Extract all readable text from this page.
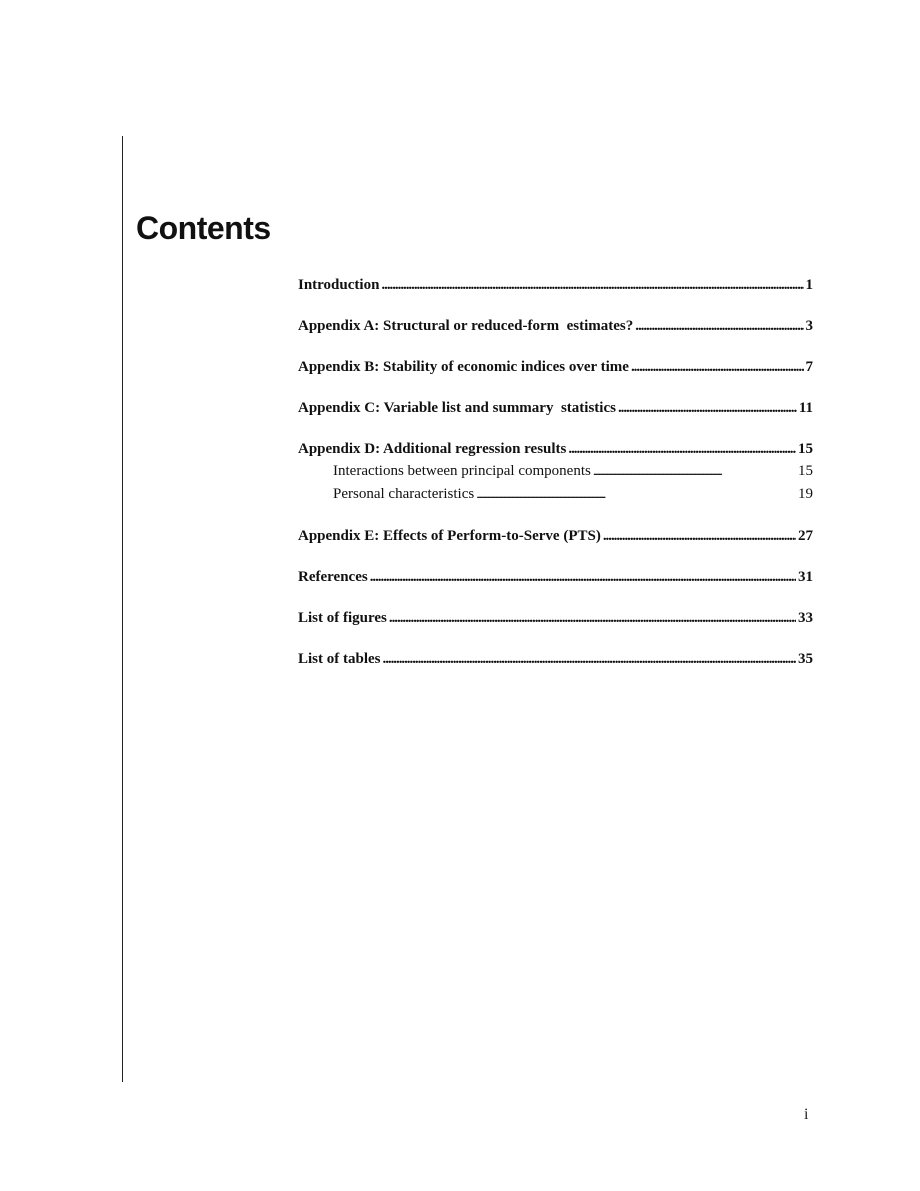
Contents
Introduction . . .	1
Appendix A: Structural or reduced-form  estimates? . . .	3
Appendix B: Stability of economic indices over time . . .	7
Appendix C: Variable list and summary  statistics . . .	11
Appendix D: Additional regression results . . .	15
Interactions between principal components . . .	15
Personal characteristics . . .	19
Appendix E: Effects of Perform-to-Serve (PTS) . . .	27
References . . .	31
List of figures . . .	33
List of tables . . .	35
i
